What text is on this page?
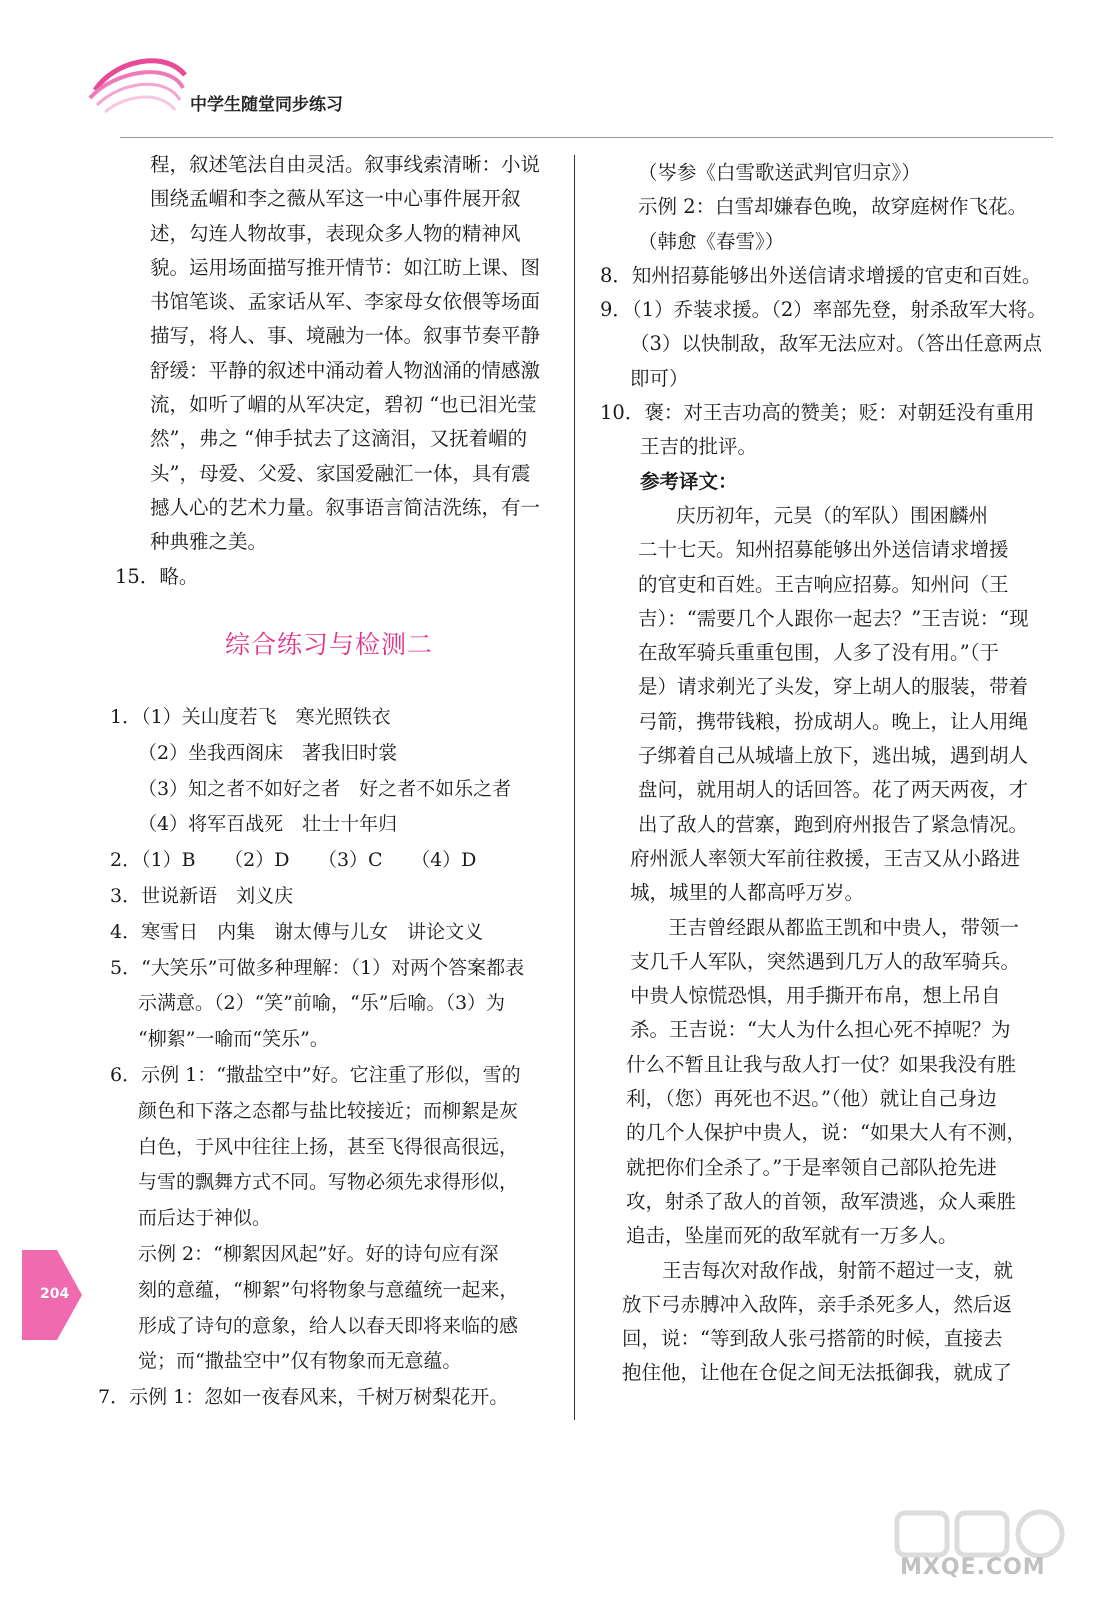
中学生随堂同步练习

程，叙述笔法自由灵活。叙事线索清晰：小说

围绕孟嵋和李之薇从军这一中心事件展开叙

述，勾连人物故事，表现众多人物的精神风

貌。运用场面描写推开情节：如江昉上课、图

书馆笔谈、孟家话从军、李家母女依偎等场面

描写，将人、事、境融为一体。叙事节奏平静

舒缓：平静的叙述中涌动着人物汹涌的情感激

流，如听了嵋的从军决定，碧初 “也已泪光莹

然”，弗之 “伸手拭去了这滴泪，又抚着嵋的

头”，母爱、父爱、家国爱融汇一体，具有震

撼人心的艺术力量。叙事语言简洁洗练，有一

种典雅之美。

15．略。

综合练习与检测二

1．（1）关山度若飞　寒光照铁衣

（2）坐我西阁床　著我旧时裳

（3）知之者不如好之者　好之者不如乐之者

（4）将军百战死　壮士十年归

2．（1）B　　（2）D　　（3）C　　（4）D

3．世说新语　刘义庆

4．寒雪日　内集　谢太傅与儿女　讲论文义

5．“大笑乐”可做多种理解：（1）对两个答案都表

示满意。（2）“笑”前喻，“乐”后喻。（3）为

“柳絮”一喻而“笑乐”。

6．示例 1：“撒盐空中”好。它注重了形似，雪的

颜色和下落之态都与盐比较接近；而柳絮是灰

白色，于风中往往上扬，甚至飞得很高很远，

与雪的飘舞方式不同。写物必须先求得形似，

而后达于神似。

示例 2：“柳絮因风起”好。好的诗句应有深

刻的意蕴，“柳絮”句将物象与意蕴统一起来，

形成了诗句的意象，给人以春天即将来临的感

觉；而“撒盐空中”仅有物象而无意蕴。

7．示例 1：忽如一夜春风来，千树万树梨花开。

（岑参《白雪歌送武判官归京》）

示例 2：白雪却嫌春色晚，故穿庭树作飞花。

（韩愈《春雪》）

8．知州招募能够出外送信请求增援的官吏和百姓。

9．（1）乔装求援。（2）率部先登，射杀敌军大将。

（3）以快制敌，敌军无法应对。（答出任意两点

即可）

10．褒：对王吉功高的赞美；贬：对朝廷没有重用

王吉的批评。

参考译文：

庆历初年，元昊（的军队）围困麟州

二十七天。知州招募能够出外送信请求增援

的官吏和百姓。王吉响应招募。知州问（王

吉）：“需要几个人跟你一起去？”王吉说：“现

在敌军骑兵重重包围，人多了没有用。”（于

是）请求剃光了头发，穿上胡人的服装，带着

弓箭，携带钱粮，扮成胡人。晚上，让人用绳

子绑着自己从城墙上放下，逃出城，遇到胡人

盘问，就用胡人的话回答。花了两天两夜，才

出了敌人的营寨，跑到府州报告了紧急情况。

府州派人率领大军前往救援，王吉又从小路进

城，城里的人都高呼万岁。

王吉曾经跟从都监王凯和中贵人，带领一

支几千人军队，突然遇到几万人的敌军骑兵。

中贵人惊慌恐惧，用手撕开布帛，想上吊自

杀。王吉说：“大人为什么担心死不掉呢？为

什么不暂且让我与敌人打一仗？如果我没有胜

利，（您）再死也不迟。”（他）就让自己身边

的几个人保护中贵人，说：“如果大人有不测，

就把你们全杀了。”于是率领自己部队抢先进

攻，射杀了敌人的首领，敌军溃逃，众人乘胜

追击，坠崖而死的敌军就有一万多人。

王吉每次对敌作战，射箭不超过一支，就

放下弓赤膊冲入敌阵，亲手杀死多人，然后返

回，说：“等到敌人张弓搭箭的时候，直接去

抱住他，让他在仓促之间无法抵御我，就成了

204
MXQE.COM
